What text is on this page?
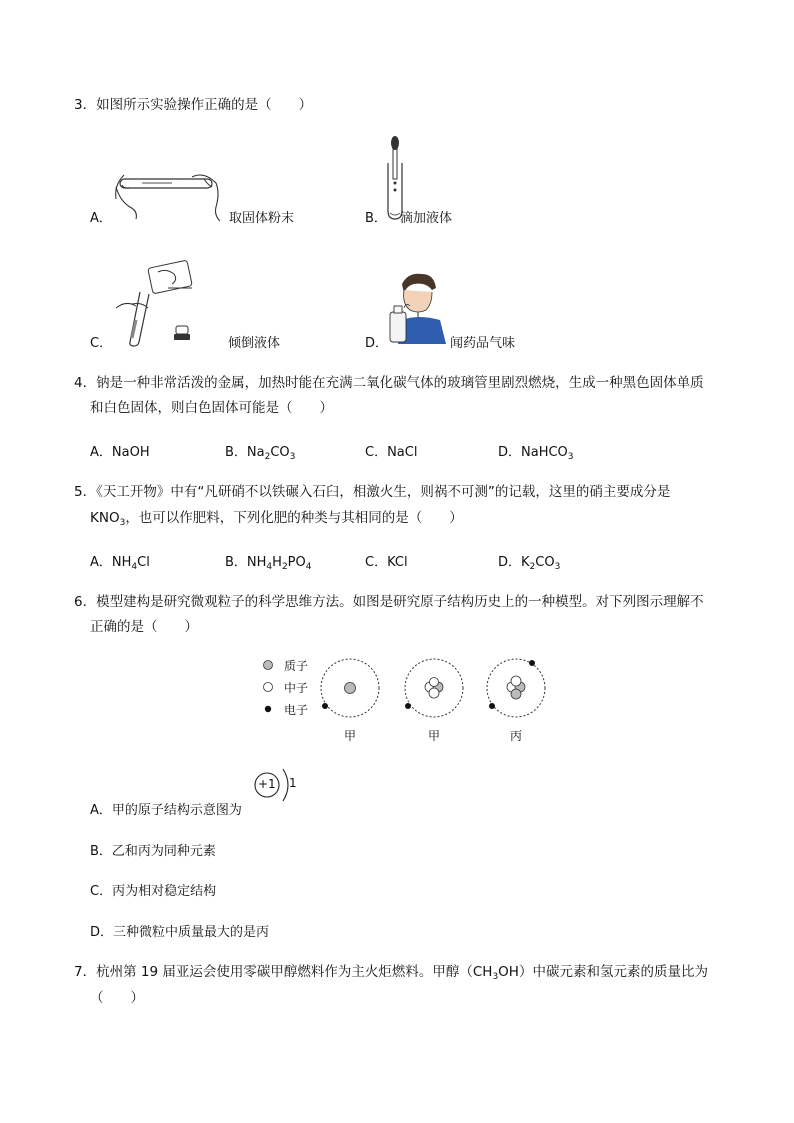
3．如图所示实验操作正确的是（　　）
A．	取固体粉末	B． 滴加液体
C．	倾倒液体	D．	闻药品气味
4．钠是一种非常活泼的金属，加热时能在充满二氧化碳气体的玻璃管里剧烈燃烧，生成一种黑色固体单质
和白色固体，则白色固体可能是（　　）
A．NaOH	B．$Na_2CO_3$	C．NaCl	D．NaHCO$_3$
5．《天工开物》中有“凡研硝不以铁碾入石臼，相激火生，则祸不可测”的记载，这里的硝主要成分是
$KNO_3$，也可以作肥料，下列化肥的种类与其相同的是（　　）
A．$NH_4Cl$	B．$NH_4H_2PO_4$	C．KCl	D．$K_2CO_3$
6．模型建构是研究微观粒子的科学思维方法。如图是研究原子结构历史上的一种模型。对下列图示理解不
正确的是（　　）
质子
中子
电子
甲	甲	丙
A．甲的原子结构示意图为
+1 1
B．乙和丙为同种元素
C．丙为相对稳定结构
D．三种微粒中质量最大的是丙
7．杭州第 19 届亚运会使用零碳甲醇燃料作为主火炬燃料。甲醇$(CH_3OH)$中碳元素和氢元素的质量比为
（　　）
